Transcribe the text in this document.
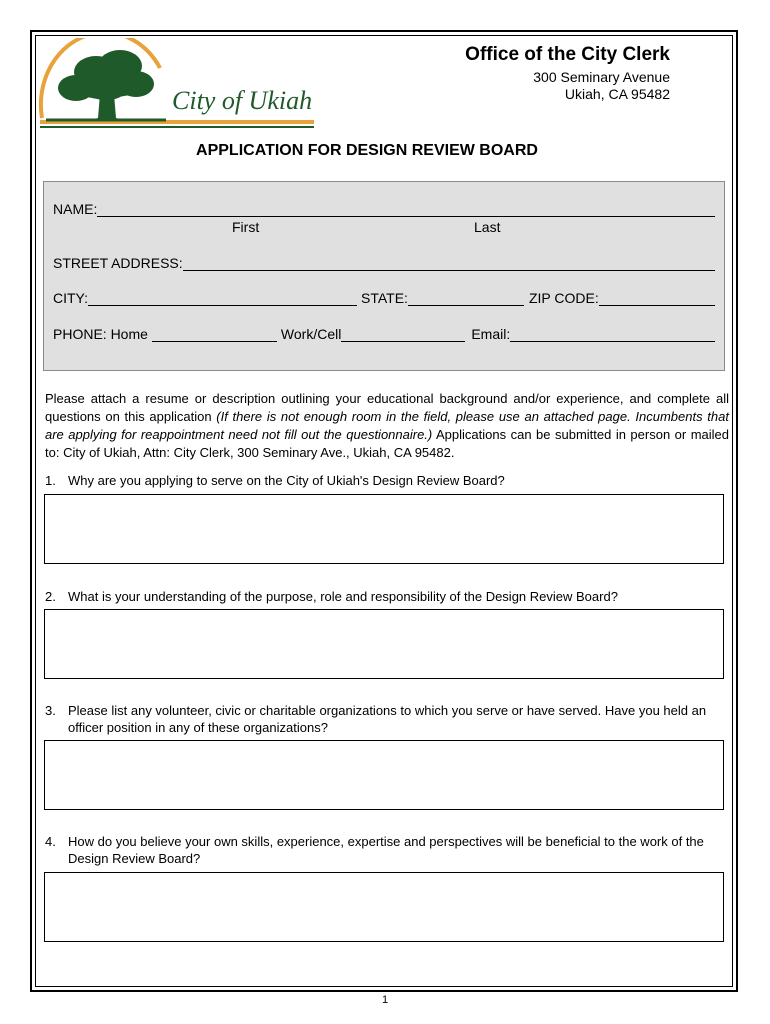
City of Ukiah
Office of the City Clerk
300 Seminary Avenue
Ukiah, CA 95482
APPLICATION FOR DESIGN REVIEW BOARD
NAME:
First	Last
STREET ADDRESS:
CITY:	STATE:	ZIP CODE:
PHONE: Home	Work/Cell	Email:
Please attach a resume or description outlining your educational background and/or experience, and complete all questions on this application (If there is not enough room in the field, please use an attached page. Incumbents that are applying for reappointment need not fill out the questionnaire.) Applications can be submitted in person or mailed to: City of Ukiah, Attn: City Clerk, 300 Seminary Ave., Ukiah, CA 95482.
1. Why are you applying to serve on the City of Ukiah's Design Review Board?
2. What is your understanding of the purpose, role and responsibility of the Design Review Board?
3. Please list any volunteer, civic or charitable organizations to which you serve or have served. Have you held an officer position in any of these organizations?
4. How do you believe your own skills, experience, expertise and perspectives will be beneficial to the work of the Design Review Board?
1
